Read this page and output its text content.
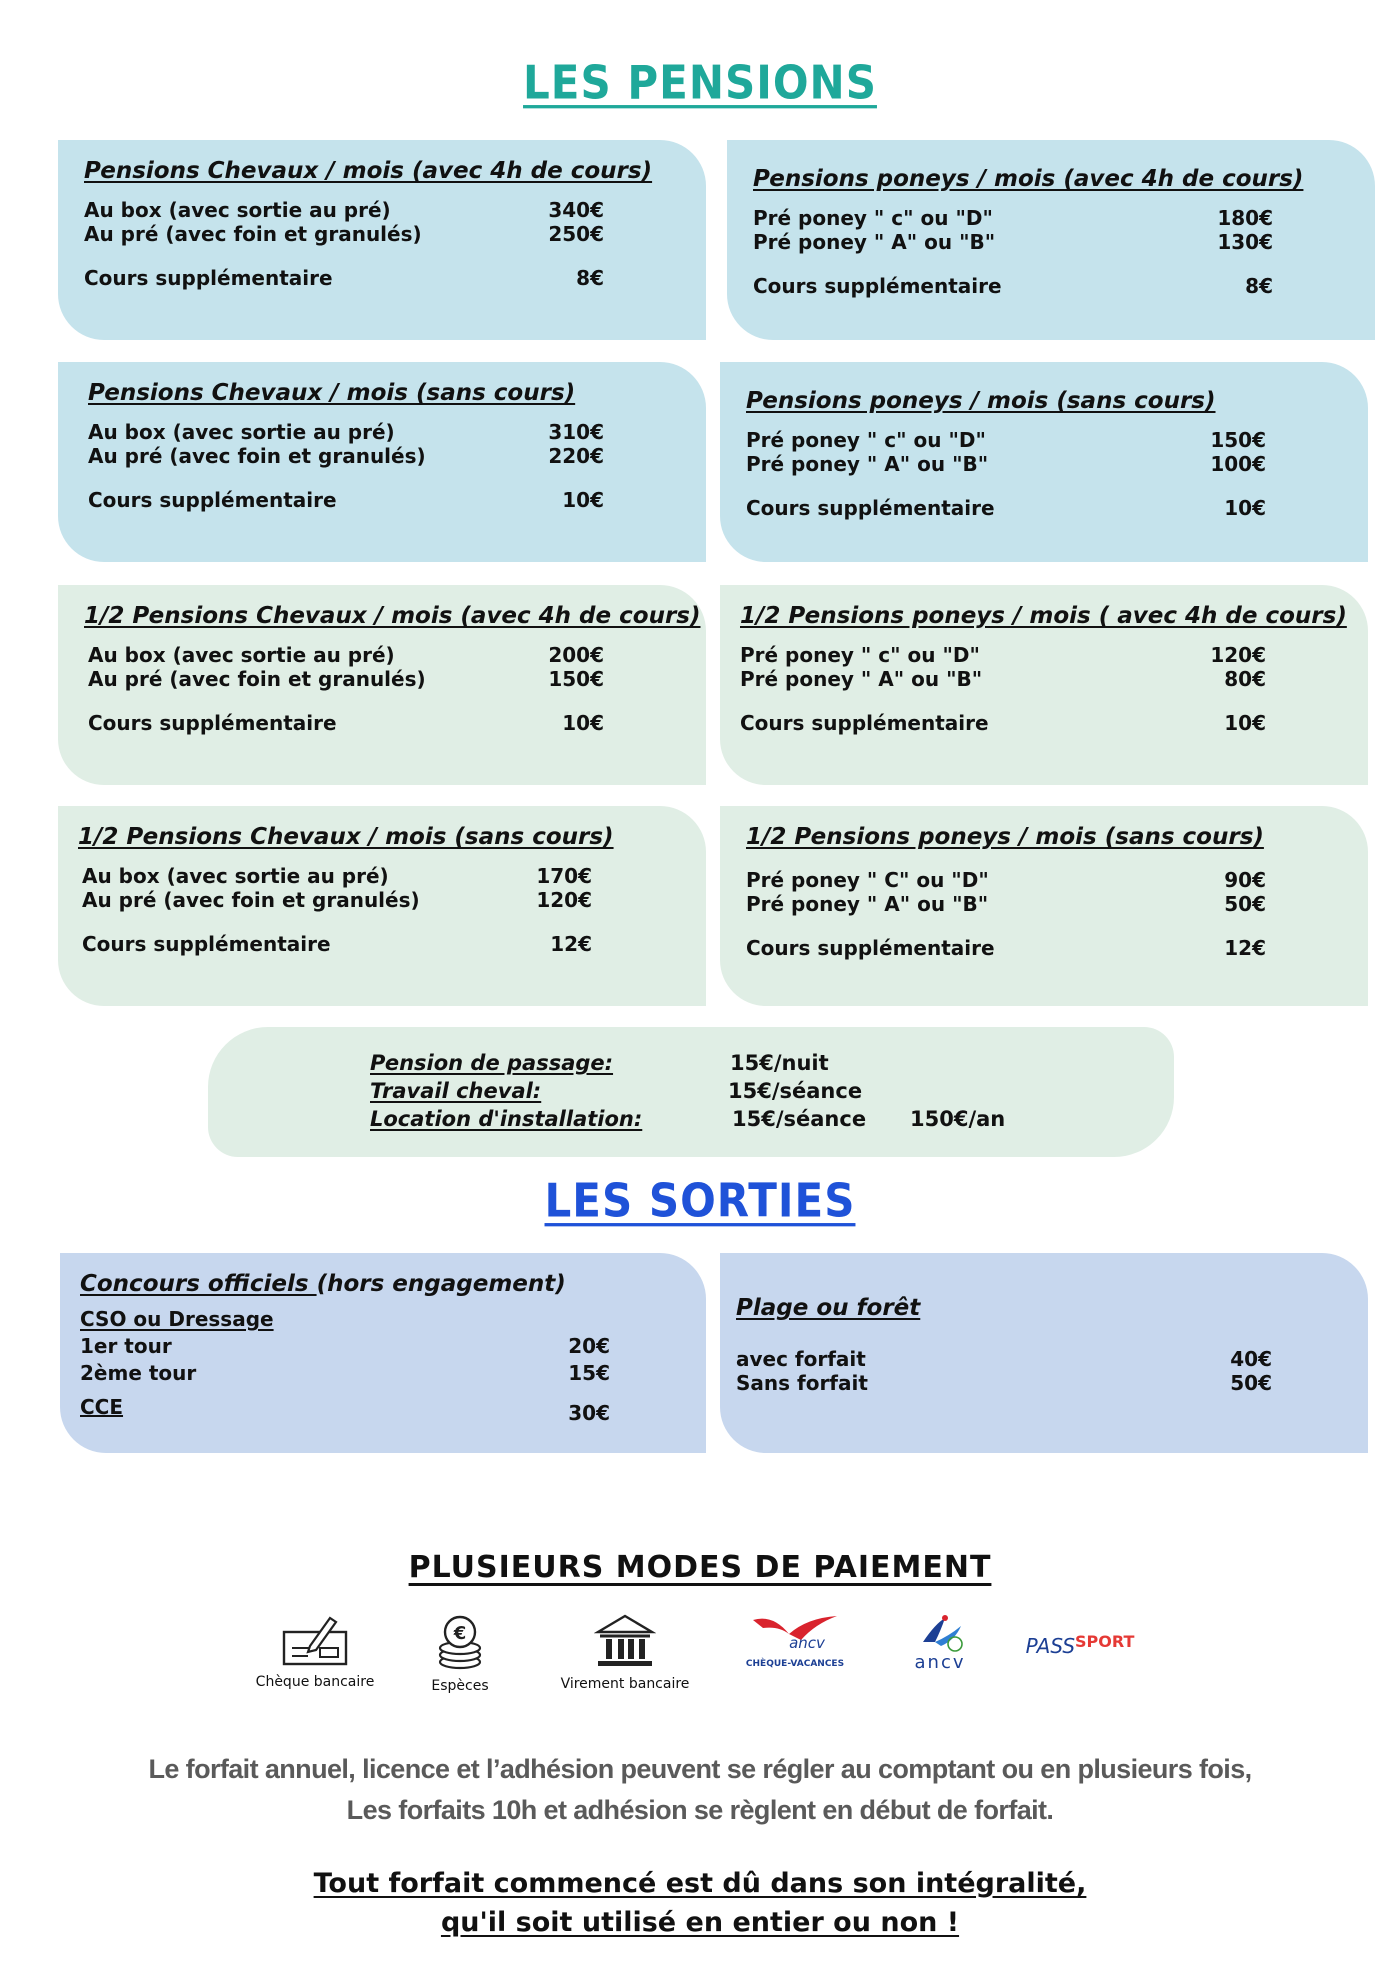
LES PENSIONS
Pensions Chevaux / mois (avec 4h de cours)
Au box (avec sortie au pré)	340€
Au pré (avec foin et granulés)	250€
Cours supplémentaire	8€
Pensions poneys / mois (avec 4h de cours)
Pré poney " c" ou "D"	180€
Pré poney " A" ou "B"	130€
Cours supplémentaire	8€
Pensions Chevaux / mois (sans cours)
Au box (avec sortie au pré)	310€
Au pré (avec foin et granulés)	220€
Cours supplémentaire	10€
Pensions poneys / mois (sans cours)
Pré poney " c" ou "D"	150€
Pré poney " A" ou "B"	100€
Cours supplémentaire	10€
1/2 Pensions Chevaux / mois (avec 4h de cours)
Au box (avec sortie au pré)	200€
Au pré (avec foin et granulés)	150€
Cours supplémentaire	10€
1/2 Pensions poneys / mois ( avec 4h de cours)
Pré poney " c" ou "D"	120€
Pré poney " A" ou "B"	80€
Cours supplémentaire	10€
1/2 Pensions Chevaux / mois (sans cours)
Au box (avec sortie au pré)	170€
Au pré (avec foin et granulés)	120€
Cours supplémentaire	12€
1/2 Pensions poneys / mois (sans cours)
Pré poney " C" ou "D"	90€
Pré poney " A" ou "B"	50€
Cours supplémentaire	12€
Pension de passage:	15€/nuit
Travail cheval:	15€/séance
Location d'installation:	15€/séance 150€/an
LES SORTIES
Concours officiels (hors engagement)
CSO ou Dressage
1er tour	20€
2ème tour	15€
CCE	30€
Plage ou forêt
avec forfait	40€
Sans forfait	50€
PLUSIEURS MODES DE PAIEMENT
Chèque bancaire
€
Espèces	Virement bancaire
ancv
$^{CHÈQUE-VACANCES}$	ancv
PASSSPORT
Le forfait annuel, licence et l’adhésion peuvent se régler au comptant ou en plusieurs fois,
Les forfaits 10h et adhésion se règlent en début de forfait.
Tout forfait commencé est dû dans son intégralité,
qu'il soit utilisé en entier ou non !
